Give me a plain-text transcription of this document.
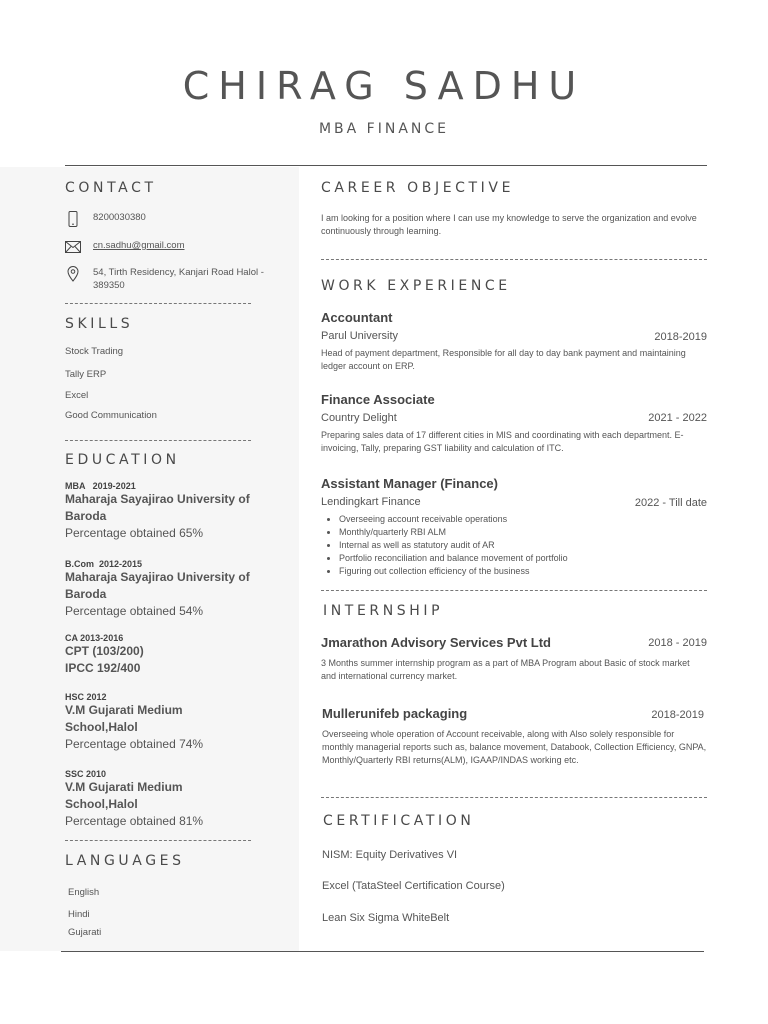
CHIRAG SADHU
MBA FINANCE
CONTACT
8200030380
cn.sadhu@gmail.com
54, Tirth Residency, Kanjari Road Halol - 389350
SKILLS
Stock Trading
Tally ERP
Excel
Good Communication
EDUCATION
MBA   2019-2021
Maharaja Sayajirao University of Baroda
Percentage obtained 65%
B.Com  2012-2015
Maharaja Sayajirao University of Baroda
Percentage obtained 54%
CA 2013-2016
CPT (103/200)
IPCC 192/400
HSC 2012
V.M Gujarati Medium School,Halol
Percentage obtained 74%
SSC 2010
V.M Gujarati Medium School,Halol
Percentage obtained 81%
LANGUAGES
English
Hindi
Gujarati
CAREER OBJECTIVE
I am looking for a position where I can use my knowledge to serve the organization and evolve continuously through learning.
WORK EXPERIENCE
Accountant
Parul University	2018-2019
Head of payment department, Responsible for all day to day bank payment and maintaining ledger account on ERP.
Finance Associate
Country Delight	2021 - 2022
Preparing sales data of 17 different cities in MIS and coordinating with each department. E-invoicing, Tally, preparing GST liability and calculation of ITC.
Assistant Manager (Finance)
Lendingkart Finance	2022 - Till date
• Overseeing account receivable operations
• Monthly/quarterly RBI ALM
• Internal as well as statutory audit of AR
• Portfolio reconciliation and balance movement of portfolio
• Figuring out collection efficiency of the business
INTERNSHIP
Jmarathon Advisory Services Pvt Ltd	2018 - 2019
3 Months summer internship program as a part of MBA Program about Basic of stock market and international currency market.
Mullerunifeb packaging	2018-2019
Overseeing whole operation of Account receivable, along with Also solely responsible for monthly managerial reports such as, balance movement, Databook, Collection Efficiency, GNPA, Monthly/Quarterly RBI returns(ALM), IGAAP/INDAS working etc.
CERTIFICATION
NISM: Equity Derivatives VI
Excel (TataSteel Certification Course)
Lean Six Sigma WhiteBelt
